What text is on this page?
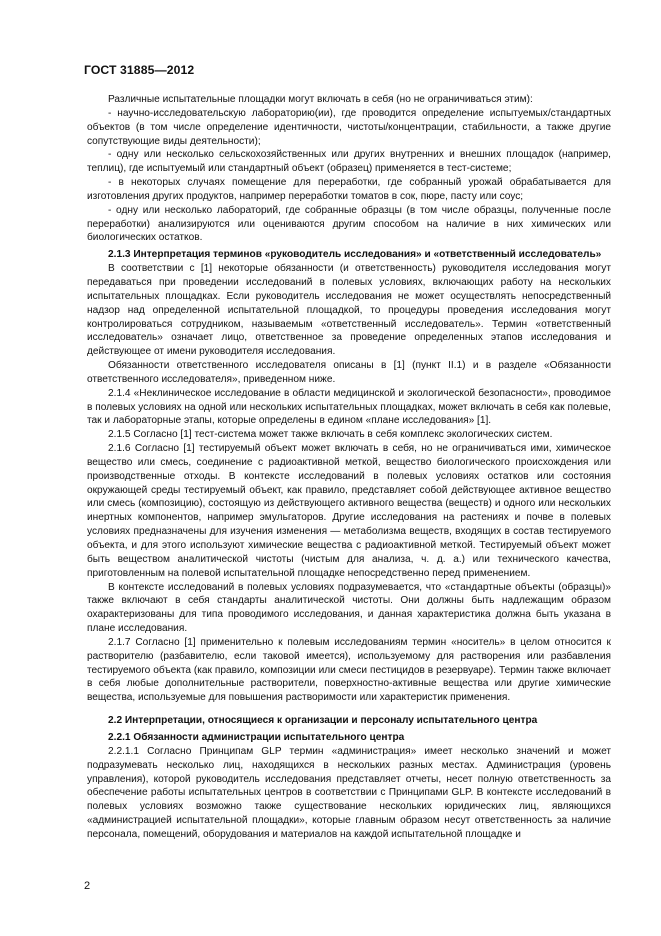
ГОСТ 31885—2012

Различные испытательные площадки могут включать в себя (но не ограничиваться этим):

- научно-исследовательскую лабораторию(ии), где проводится определение испытуемых/стандартных объектов (в том числе определение идентичности, чистоты/концентрации, стабильности, а также другие сопутствующие виды деятельности);

- одну или несколько сельскохозяйственных или других внутренних и внешних площадок (например, теплиц), где испытуемый или стандартный объект (образец) применяется в тест-системе;

- в некоторых случаях помещение для переработки, где собранный урожай обрабатывается для изготовления других продуктов, например переработки томатов в сок, пюре, пасту или соус;

- одну или несколько лабораторий, где собранные образцы (в том числе образцы, полученные после переработки) анализируются или оцениваются другим способом на наличие в них химических или биологических остатков.

2.1.3 Интерпретация терминов «руководитель исследования» и «ответственный исследователь»

В соответствии с [1] некоторые обязанности (и ответственность) руководителя исследования могут передаваться при проведении исследований в полевых условиях, включающих работу на нескольких испытательных площадках. Если руководитель исследования не может осуществлять непосредственный надзор над определенной испытательной площадкой, то процедуры проведения исследования могут контролироваться сотрудником, называемым «ответственный исследователь». Термин «ответственный исследователь» означает лицо, ответственное за проведение определенных этапов исследования и действующее от имени руководителя исследования.

Обязанности ответственного исследователя описаны в [1] (пункт II.1) и в разделе «Обязанности ответственного исследователя», приведенном ниже.

2.1.4 «Неклиническое исследование в области медицинской и экологической безопасности», проводимое в полевых условиях на одной или нескольких испытательных площадках, может включать в себя как полевые, так и лабораторные этапы, которые определены в едином «плане исследования» [1].

2.1.5 Согласно [1] тест-система может также включать в себя комплекс экологических систем.

2.1.6 Согласно [1] тестируемый объект может включать в себя, но не ограничиваться ими, химическое вещество или смесь, соединение с радиоактивной меткой, вещество биологического происхождения или производственные отходы. В контексте исследований в полевых условиях остатков или состояния окружающей среды тестируемый объект, как правило, представляет собой действующее активное вещество или смесь (композицию), состоящую из действующего активного вещества (веществ) и одного или нескольких инертных компонентов, например эмульгаторов. Другие исследования на растениях и почве в полевых условиях предназначены для изучения изменения — метаболизма веществ, входящих в состав тестируемого объекта, и для этого используют химические вещества с радиоактивной меткой. Тестируемый объект может быть веществом аналитической чистоты (чистым для анализа, ч. д. а.) или технического качества, приготовленным на полевой испытательной площадке непосредственно перед применением.

В контексте исследований в полевых условиях подразумевается, что «стандартные объекты (образцы)» также включают в себя стандарты аналитической чистоты. Они должны быть надлежащим образом охарактеризованы для типа проводимого исследования, и данная характеристика должна быть указана в плане исследования.

2.1.7 Согласно [1] применительно к полевым исследованиям термин «носитель» в целом относится к растворителю (разбавителю, если таковой имеется), используемому для растворения или разбавления тестируемого объекта (как правило, композиции или смеси пестицидов в резервуаре). Термин также включает в себя любые дополнительные растворители, поверхностно-активные вещества или другие химические вещества, используемые для повышения растворимости или характеристик применения.

2.2 Интерпретации, относящиеся к организации и персоналу испытательного центра

2.2.1 Обязанности администрации испытательного центра

2.2.1.1 Согласно Принципам GLP термин «администрация» имеет несколько значений и может подразумевать несколько лиц, находящихся в нескольких разных местах. Администрация (уровень управления), которой руководитель исследования представляет отчеты, несет полную ответственность за обеспечение работы испытательных центров в соответствии с Принципами GLP. В контексте исследований в полевых условиях возможно также существование нескольких юридических лиц, являющихся «администрацией испытательной площадки», которые главным образом несут ответственность за наличие персонала, помещений, оборудования и материалов на каждой испытательной площадке и

2
